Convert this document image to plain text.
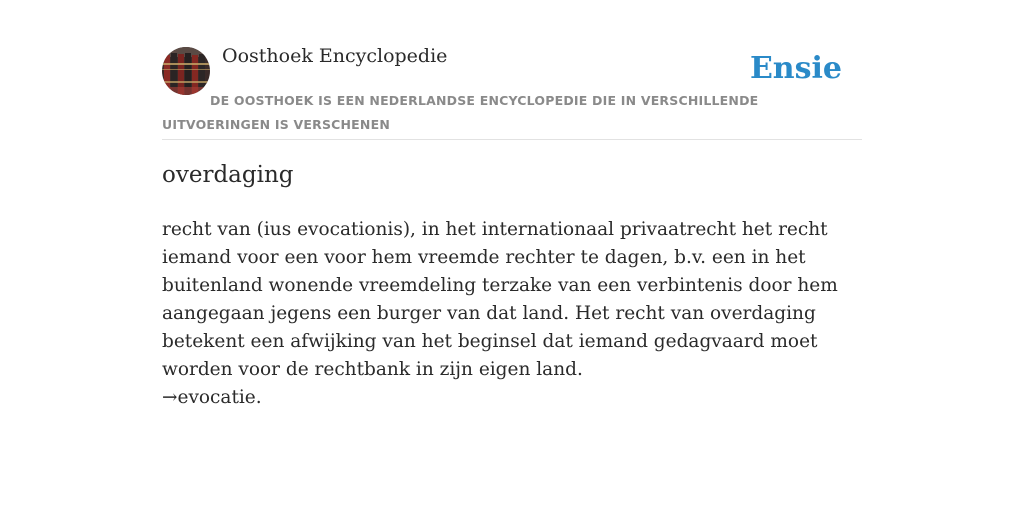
Oosthoek Encyclopedie	Ensie
DE OOSTHOEK IS EEN NEDERLANDSE ENCYCLOPEDIE DIE IN VERSCHILLENDE UITVOERINGEN IS VERSCHENEN
overdaging
recht van (ius evocationis), in het internationaal privaatrecht het recht iemand voor een voor hem vreemde rechter te dagen, b.v. een in het buitenland wonende vreemdeling terzake van een verbintenis door hem aangegaan jegens een burger van dat land. Het recht van overdaging betekent een afwijking van het beginsel dat iemand gedagvaard moet worden voor de rechtbank in zijn eigen land.
→evocatie.
